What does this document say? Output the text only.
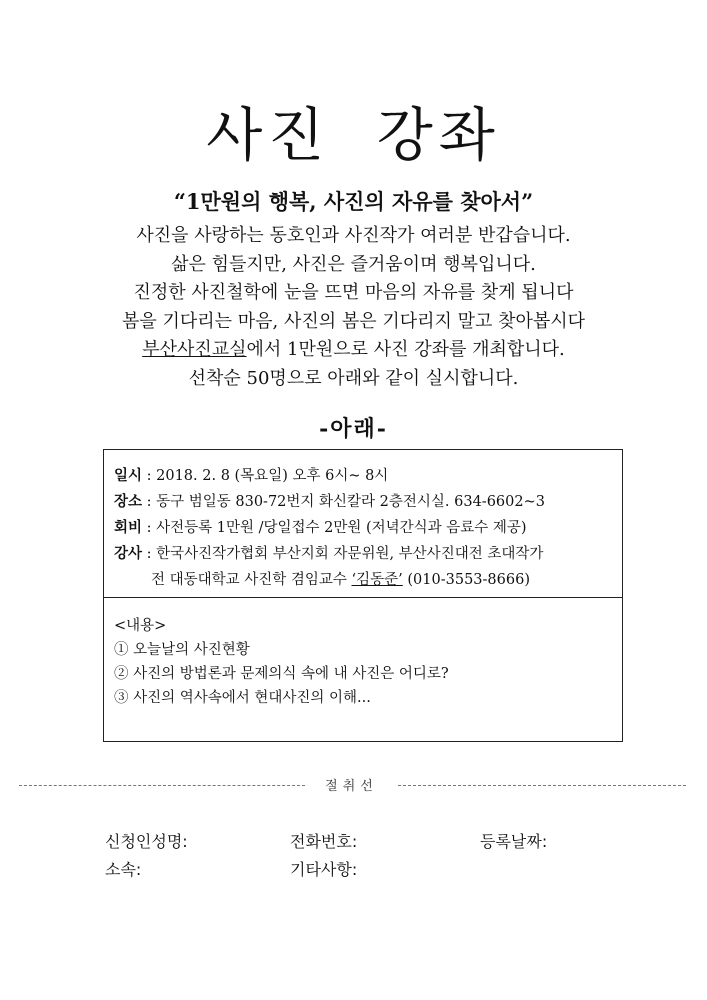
사진 강좌
“1만원의 행복, 사진의 자유를 찾아서”

사진을 사랑하는 동호인과 사진작가 여러분 반갑습니다.

삶은 힘들지만, 사진은 즐거움이며 행복입니다.

진정한 사진철학에 눈을 뜨면 마음의 자유를 찾게 됩니다

봄을 기다리는 마음, 사진의 봄은 기다리지 말고 찾아봅시다

부산사진교실에서 1만원으로 사진 강좌를 개최합니다.

선착순 50명으로 아래와 같이 실시합니다.

-아래-
일시 : 2018. 2. 8 (목요일) 오후 6시~ 8시
장소 : 동구 범일동 830-72번지 화신칼라 2층전시실. 634-6602~3
회비 : 사전등록 1만원 /당일접수 2만원 (저녁간식과 음료수 제공)
강사 : 한국사진작가협회 부산지회 자문위원, 부산사진대전 초대작가
전 대동대학교 사진학 겸임교수 ‘김동준’ (010-3553-8666)
<내용>
① 오늘날의 사진현황
② 사진의 방법론과 문제의식 속에 내 사진은 어디로?
③ 사진의 역사속에서 현대사진의 이해...
절취선
신청인성명:	전화번호:	등록날짜:
소속:	기타사항:
